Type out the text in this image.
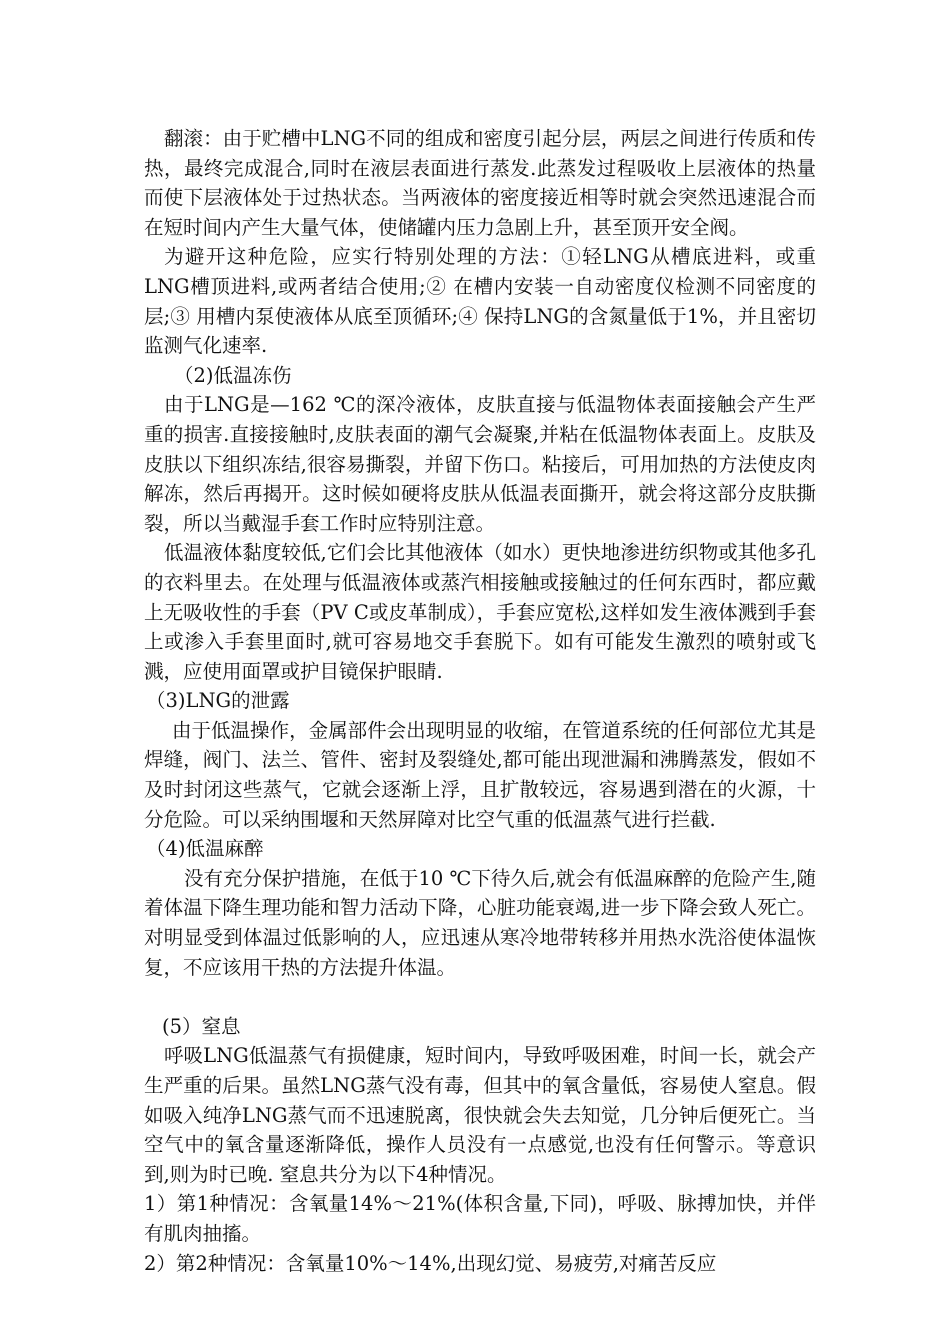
翻滚：由于贮槽中LNG不同的组成和密度引起分层，两层之间进行传质和传热，最终完成混合,同时在液层表面进行蒸发.此蒸发过程吸收上层液体的热量而使下层液体处于过热状态。当两液体的密度接近相等时就会突然迅速混合而在短时间内产生大量气体，使储罐内压力急剧上升，甚至顶开安全阀。

为避开这种危险，应实行特别处理的方法：①轻LNG从槽底进料，或重LNG槽顶进料,或两者结合使用;② 在槽内安装一自动密度仪检测不同密度的层;③ 用槽内泵使液体从底至顶循环;④ 保持LNG的含氮量低于1%，并且密切监测气化速率.

（2)低温冻伤

由于LNG是—162 ℃的深冷液体，皮肤直接与低温物体表面接触会产生严重的损害.直接接触时,皮肤表面的潮气会凝聚,并粘在低温物体表面上。皮肤及皮肤以下组织冻结,很容易撕裂，并留下伤口。粘接后，可用加热的方法使皮肉解冻，然后再揭开。这时候如硬将皮肤从低温表面撕开，就会将这部分皮肤撕裂，所以当戴湿手套工作时应特别注意。

低温液体黏度较低,它们会比其他液体（如水）更快地渗进纺织物或其他多孔的衣料里去。在处理与低温液体或蒸汽相接触或接触过的任何东西时，都应戴上无吸收性的手套（PV C或皮革制成），手套应宽松,这样如发生液体溅到手套上或渗入手套里面时,就可容易地交手套脱下。如有可能发生激烈的喷射或飞溅，应使用面罩或护目镜保护眼睛.

（3)LNG的泄露

由于低温操作，金属部件会出现明显的收缩，在管道系统的任何部位尤其是焊缝，阀门、法兰、管件、密封及裂缝处,都可能出现泄漏和沸腾蒸发，假如不及时封闭这些蒸气，它就会逐渐上浮，且扩散较远，容易遇到潜在的火源，十分危险。可以采纳围堰和天然屏障对比空气重的低温蒸气进行拦截.

（4)低温麻醉

没有充分保护措施，在低于10 ℃下待久后,就会有低温麻醉的危险产生,随着体温下降生理功能和智力活动下降，心脏功能衰竭,进一步下降会致人死亡。对明显受到体温过低影响的人，应迅速从寒冷地带转移并用热水洗浴使体温恢复，不应该用干热的方法提升体温。

(5）窒息

呼吸LNG低温蒸气有损健康，短时间内，导致呼吸困难，时间一长，就会产生严重的后果。虽然LNG蒸气没有毒，但其中的氧含量低，容易使人窒息。假如吸入纯净LNG蒸气而不迅速脱离，很快就会失去知觉，几分钟后便死亡。当空气中的氧含量逐渐降低，操作人员没有一点感觉,也没有任何警示。等意识到,则为时已晚. 窒息共分为以下4种情况。

1）第1种情况：含氧量14%～21%(体积含量,下同)，呼吸、脉搏加快，并伴有肌肉抽搐。

2）第2种情况：含氧量10%～14%,出现幻觉、易疲劳,对痛苦反应
